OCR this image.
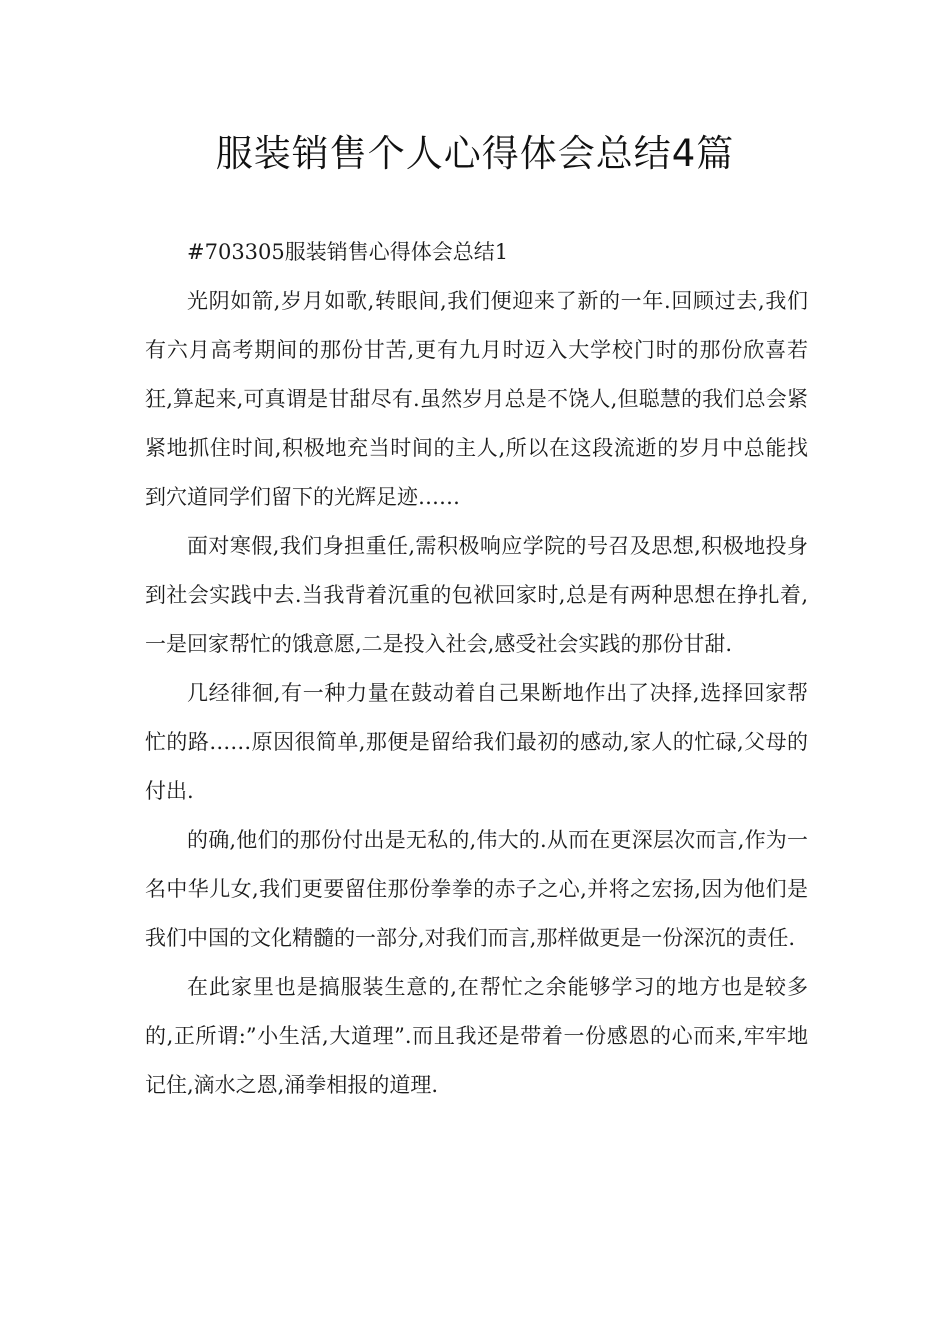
服装销售个人心得体会总结4篇

#703305服装销售心得体会总结1

光阴如箭,岁月如歌,转眼间,我们便迎来了新的一年.回顾过去,我们有六月高考期间的那份甘苦,更有九月时迈入大学校门时的那份欣喜若狂,算起来,可真谓是甘甜尽有.虽然岁月总是不饶人,但聪慧的我们总会紧紧地抓住时间,积极地充当时间的主人,所以在这段流逝的岁月中总能找到穴道同学们留下的光辉足迹……

面对寒假,我们身担重任,需积极响应学院的号召及思想,积极地投身到社会实践中去.当我背着沉重的包袱回家时,总是有两种思想在挣扎着,一是回家帮忙的饿意愿,二是投入社会,感受社会实践的那份甘甜.

几经徘徊,有一种力量在鼓动着自己果断地作出了决择,选择回家帮忙的路……原因很简单,那便是留给我们最初的感动,家人的忙碌,父母的付出.

的确,他们的那份付出是无私的,伟大的.从而在更深层次而言,作为一名中华儿女,我们更要留住那份拳拳的赤子之心,并将之宏扬,因为他们是我们中国的文化精髓的一部分,对我们而言,那样做更是一份深沉的责任.

在此家里也是搞服装生意的,在帮忙之余能够学习的地方也是较多的,正所谓:”小生活,大道理”.而且我还是带着一份感恩的心而来,牢牢地记住,滴水之恩,涌拳相报的道理.
